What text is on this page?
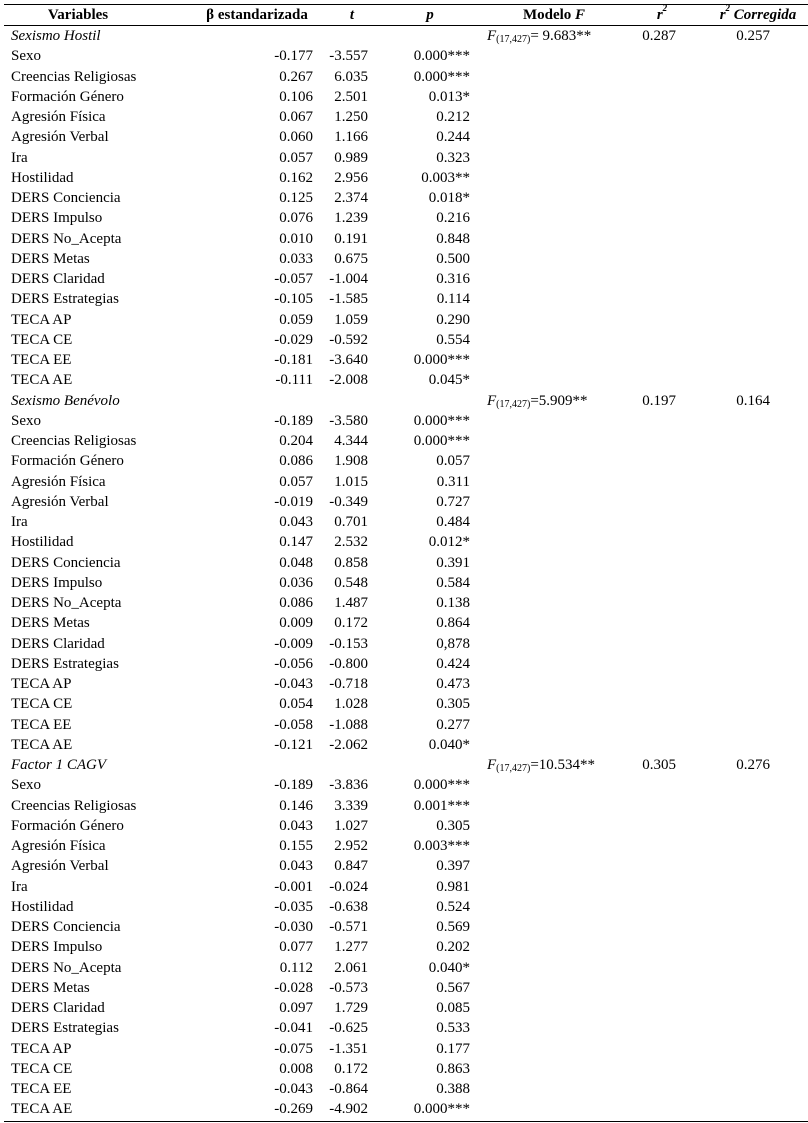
Variables	β estandarizada	t	p	Modelo F	$r^2$	$r^2$ Corregida
Sexismo Hostil	$F_{(17,427)}= 9.683**$	0.287	0.257
Sexo	-0.177 -3.557	0.000***
Creencias Religiosas	0.267 6.035	0.000***
Formación Género	0.106 2.501	0.013*
Agresión Física	0.067 1.250	0.212
Agresión Verbal	0.060 1.166	0.244
Ira	0.057 0.989	0.323
Hostilidad	0.162 2.956	0.003**
DERS Conciencia	0.125 2.374	0.018*
DERS Impulso	0.076 1.239	0.216
DERS No_Acepta	0.010 0.191	0.848
DERS Metas	0.033 0.675	0.500
DERS Claridad	-0.057 -1.004	0.316
DERS Estrategias	-0.105 -1.585	0.114
TECA AP	0.059 1.059	0.290
TECA CE	-0.029 -0.592	0.554
TECA EE	-0.181 -3.640	0.000***
TECA AE	-0.111 -2.008	0.045*
Sexismo Benévolo	$F_{(17,427)}=5.909**$	0.197	0.164
Sexo	-0.189 -3.580	0.000***
Creencias Religiosas	0.204 4.344	0.000***
Formación Género	0.086 1.908	0.057
Agresión Física	0.057 1.015	0.311
Agresión Verbal	-0.019 -0.349	0.727
Ira	0.043 0.701	0.484
Hostilidad	0.147 2.532	0.012*
DERS Conciencia	0.048 0.858	0.391
DERS Impulso	0.036 0.548	0.584
DERS No_Acepta	0.086 1.487	0.138
DERS Metas	0.009 0.172	0.864
DERS Claridad	-0.009 -0.153	0,878
DERS Estrategias	-0.056 -0.800	0.424
TECA AP	-0.043 -0.718	0.473
TECA CE	0.054 1.028	0.305
TECA EE	-0.058 -1.088	0.277
TECA AE	-0.121 -2.062	0.040*
Factor 1 CAGV	$F_{(17,427)}=10.534**$	0.305	0.276
Sexo	-0.189 -3.836	0.000***
Creencias Religiosas	0.146 3.339	0.001***
Formación Género	0.043 1.027	0.305
Agresión Física	0.155 2.952	0.003***
Agresión Verbal	0.043 0.847	0.397
Ira	-0.001 -0.024	0.981
Hostilidad	-0.035 -0.638	0.524
DERS Conciencia	-0.030 -0.571	0.569
DERS Impulso	0.077 1.277	0.202
DERS No_Acepta	0.112 2.061	0.040*
DERS Metas	-0.028 -0.573	0.567
DERS Claridad	0.097 1.729	0.085
DERS Estrategias	-0.041 -0.625	0.533
TECA AP	-0.075 -1.351	0.177
TECA CE	0.008 0.172	0.863
TECA EE	-0.043 -0.864	0.388
TECA AE	-0.269 -4.902	0.000***
